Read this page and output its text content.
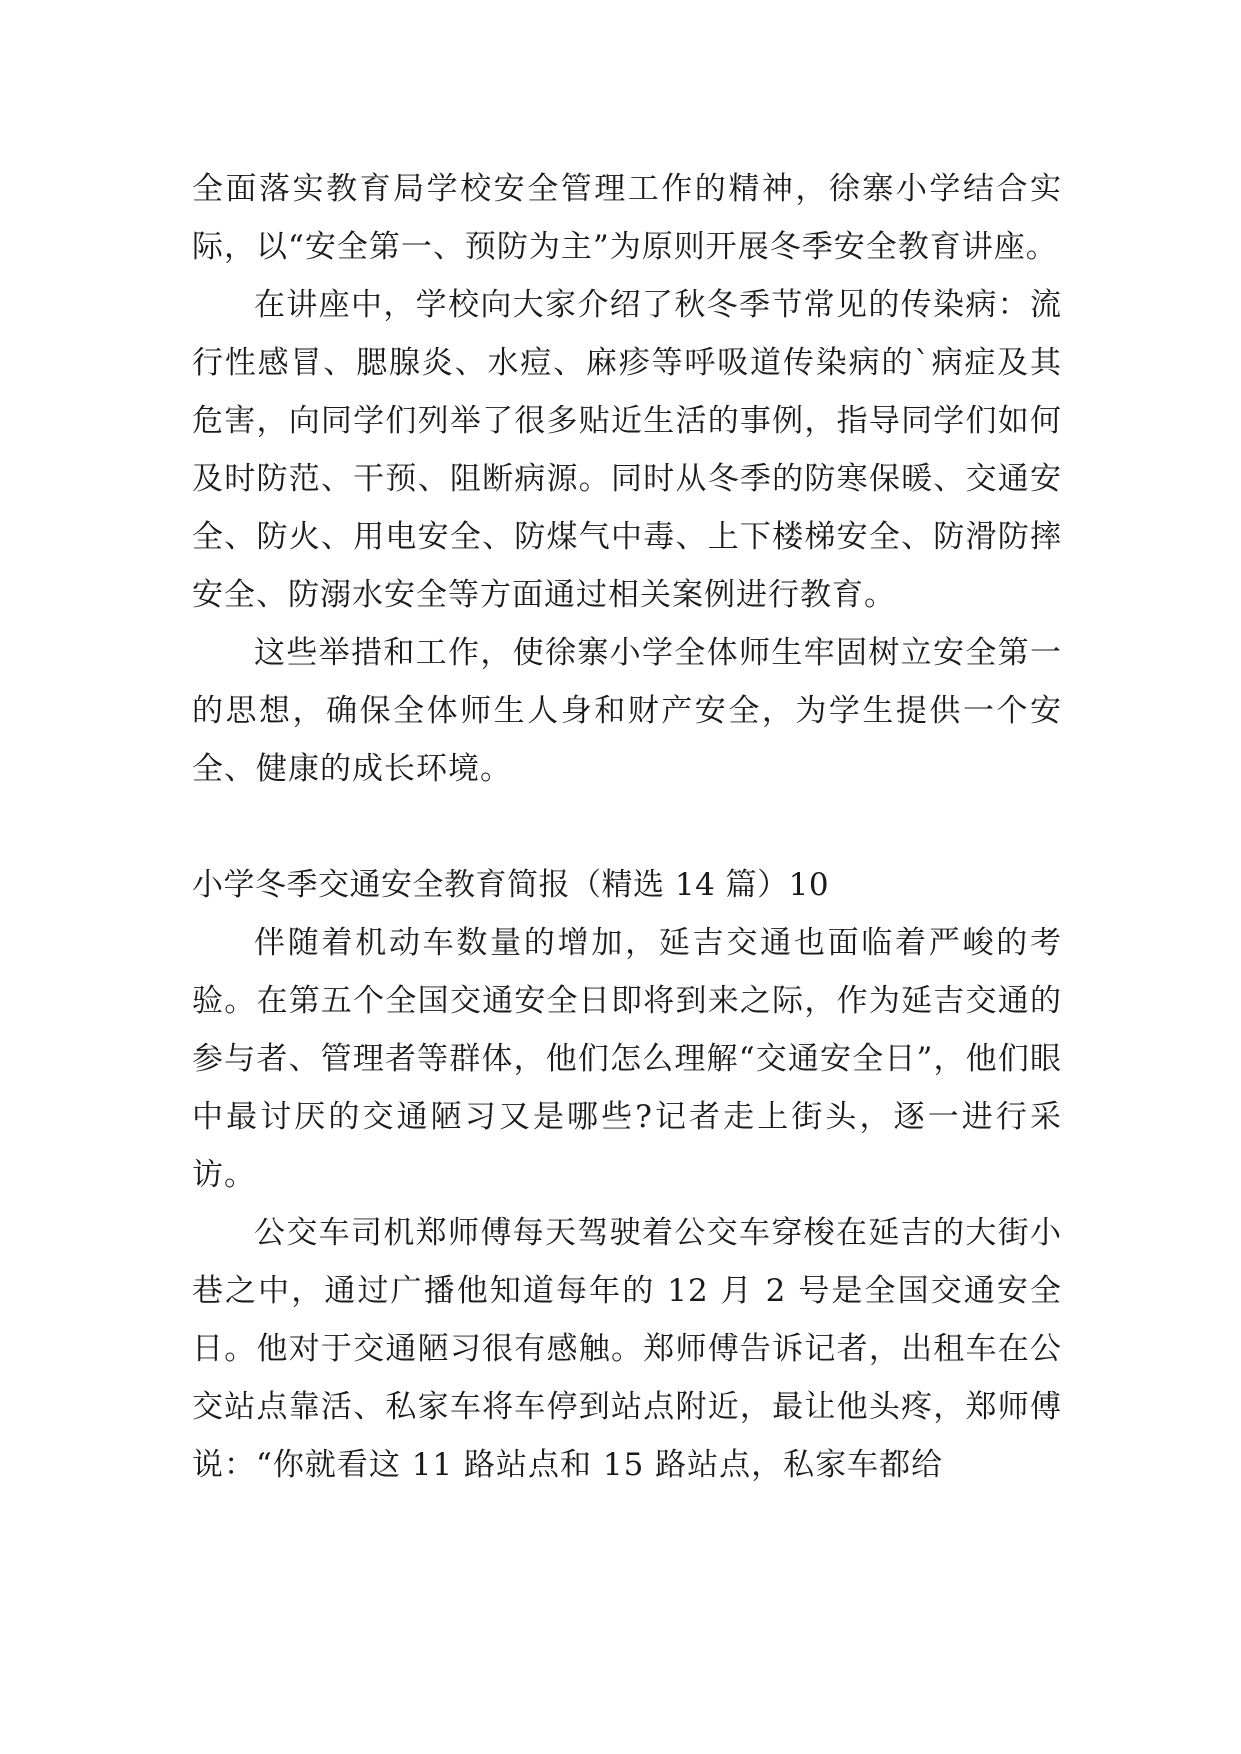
全面落实教育局学校安全管理工作的精神，徐寨小学结合实际，以“安全第一、预防为主”为原则开展冬季安全教育讲座。

在讲座中，学校向大家介绍了秋冬季节常见的传染病：流行性感冒、腮腺炎、水痘、麻疹等呼吸道传染病的`病症及其危害，向同学们列举了很多贴近生活的事例，指导同学们如何及时防范、干预、阻断病源。同时从冬季的防寒保暖、交通安全、防火、用电安全、防煤气中毒、上下楼梯安全、防滑防摔安全、防溺水安全等方面通过相关案例进行教育。

这些举措和工作，使徐寨小学全体师生牢固树立安全第一的思想，确保全体师生人身和财产安全，为学生提供一个安全、健康的成长环境。

小学冬季交通安全教育简报（精选 14 篇）10

伴随着机动车数量的增加，延吉交通也面临着严峻的考验。在第五个全国交通安全日即将到来之际，作为延吉交通的参与者、管理者等群体，他们怎么理解“交通安全日”，他们眼中最讨厌的交通陋习又是哪些?记者走上街头，逐一进行采访。

公交车司机郑师傅每天驾驶着公交车穿梭在延吉的大街小巷之中，通过广播他知道每年的 12 月 2 号是全国交通安全日。他对于交通陋习很有感触。郑师傅告诉记者，出租车在公交站点靠活、私家车将车停到站点附近，最让他头疼，郑师傅说：“你就看这 11 路站点和 15 路站点，私家车都给
